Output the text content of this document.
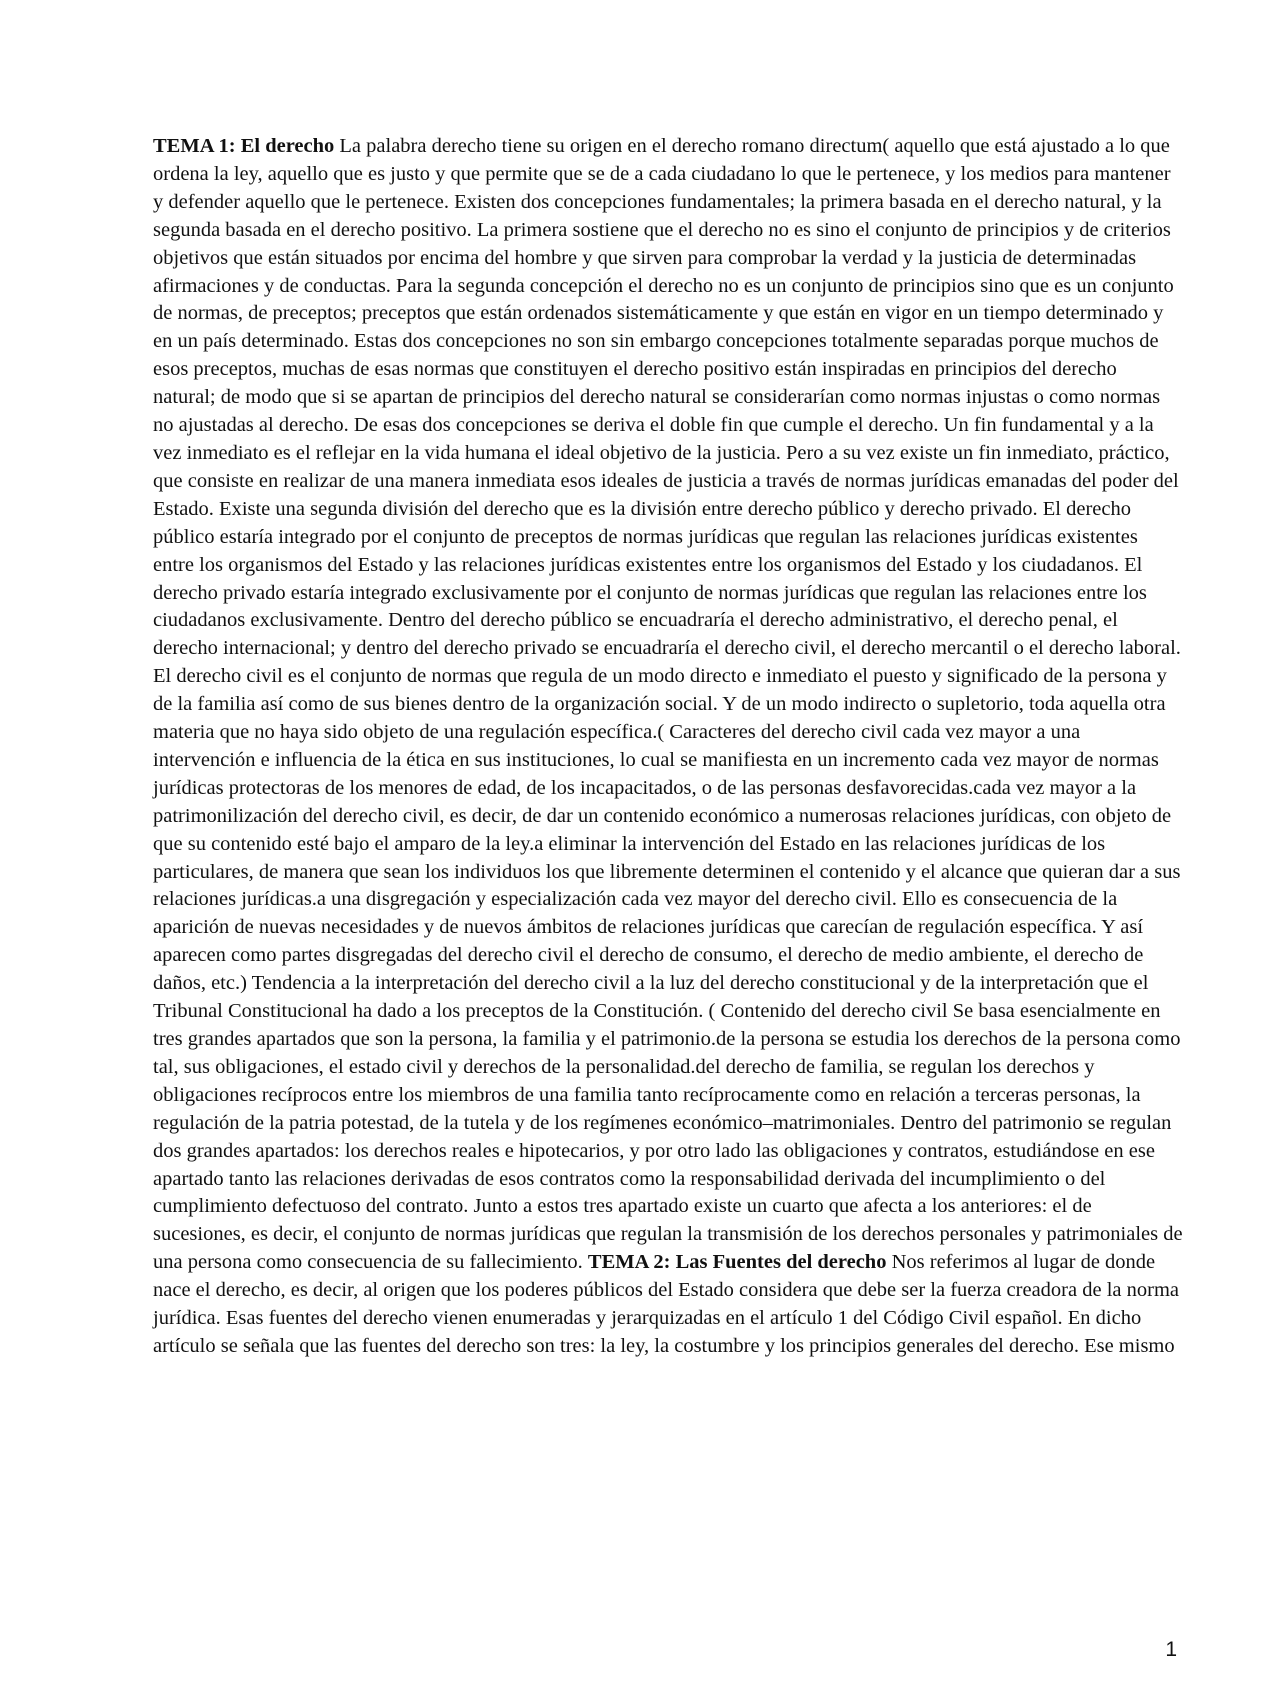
TEMA 1: El derecho La palabra derecho tiene su origen en el derecho romano directum( aquello que está ajustado a lo que ordena la ley, aquello que es justo y que permite que se de a cada ciudadano lo que le pertenece, y los medios para mantener y defender aquello que le pertenece. Existen dos concepciones fundamentales; la primera basada en el derecho natural, y la segunda basada en el derecho positivo. La primera sostiene que el derecho no es sino el conjunto de principios y de criterios objetivos que están situados por encima del hombre y que sirven para comprobar la verdad y la justicia de determinadas afirmaciones y de conductas. Para la segunda concepción el derecho no es un conjunto de principios sino que es un conjunto de normas, de preceptos; preceptos que están ordenados sistemáticamente y que están en vigor en un tiempo determinado y en un país determinado. Estas dos concepciones no son sin embargo concepciones totalmente separadas porque muchos de esos preceptos, muchas de esas normas que constituyen el derecho positivo están inspiradas en principios del derecho natural; de modo que si se apartan de principios del derecho natural se considerarían como normas injustas o como normas no ajustadas al derecho. De esas dos concepciones se deriva el doble fin que cumple el derecho. Un fin fundamental y a la vez inmediato es el reflejar en la vida humana el ideal objetivo de la justicia. Pero a su vez existe un fin inmediato, práctico, que consiste en realizar de una manera inmediata esos ideales de justicia a través de normas jurídicas emanadas del poder del Estado. Existe una segunda división del derecho que es la división entre derecho público y derecho privado. El derecho público estaría integrado por el conjunto de preceptos de normas jurídicas que regulan las relaciones jurídicas existentes entre los organismos del Estado y las relaciones jurídicas existentes entre los organismos del Estado y los ciudadanos. El derecho privado estaría integrado exclusivamente por el conjunto de normas jurídicas que regulan las relaciones entre los ciudadanos exclusivamente. Dentro del derecho público se encuadraría el derecho administrativo, el derecho penal, el derecho internacional; y dentro del derecho privado se encuadraría el derecho civil, el derecho mercantil o el derecho laboral. El derecho civil es el conjunto de normas que regula de un modo directo e inmediato el puesto y significado de la persona y de la familia así como de sus bienes dentro de la organización social. Y de un modo indirecto o supletorio, toda aquella otra materia que no haya sido objeto de una regulación específica.( Caracteres del derecho civil cada vez mayor a una intervención e influencia de la ética en sus instituciones, lo cual se manifiesta en un incremento cada vez mayor de normas jurídicas protectoras de los menores de edad, de los incapacitados, o de las personas desfavorecidas.cada vez mayor a la patrimonilización del derecho civil, es decir, de dar un contenido económico a numerosas relaciones jurídicas, con objeto de que su contenido esté bajo el amparo de la ley.a eliminar la intervención del Estado en las relaciones jurídicas de los particulares, de manera que sean los individuos los que libremente determinen el contenido y el alcance que quieran dar a sus relaciones jurídicas.a una disgregación y especialización cada vez mayor del derecho civil. Ello es consecuencia de la aparición de nuevas necesidades y de nuevos ámbitos de relaciones jurídicas que carecían de regulación específica. Y así aparecen como partes disgregadas del derecho civil el derecho de consumo, el derecho de medio ambiente, el derecho de daños, etc.) Tendencia a la interpretación del derecho civil a la luz del derecho constitucional y de la interpretación que el Tribunal Constitucional ha dado a los preceptos de la Constitución. ( Contenido del derecho civil Se basa esencialmente en tres grandes apartados que son la persona, la familia y el patrimonio.de la persona se estudia los derechos de la persona como tal, sus obligaciones, el estado civil y derechos de la personalidad.del derecho de familia, se regulan los derechos y obligaciones recíprocos entre los miembros de una familia tanto recíprocamente como en relación a terceras personas, la regulación de la patria potestad, de la tutela y de los regímenes económico–matrimoniales. Dentro del patrimonio se regulan dos grandes apartados: los derechos reales e hipotecarios, y por otro lado las obligaciones y contratos, estudiándose en ese apartado tanto las relaciones derivadas de esos contratos como la responsabilidad derivada del incumplimiento o del cumplimiento defectuoso del contrato. Junto a estos tres apartado existe un cuarto que afecta a los anteriores: el de sucesiones, es decir, el conjunto de normas jurídicas que regulan la transmisión de los derechos personales y patrimoniales de una persona como consecuencia de su fallecimiento. TEMA 2: Las Fuentes del derecho Nos referimos al lugar de donde nace el derecho, es decir, al origen que los poderes públicos del Estado considera que debe ser la fuerza creadora de la norma jurídica. Esas fuentes del derecho vienen enumeradas y jerarquizadas en el artículo 1 del Código Civil español. En dicho artículo se señala que las fuentes del derecho son tres: la ley, la costumbre y los principios generales del derecho. Ese mismo

1
